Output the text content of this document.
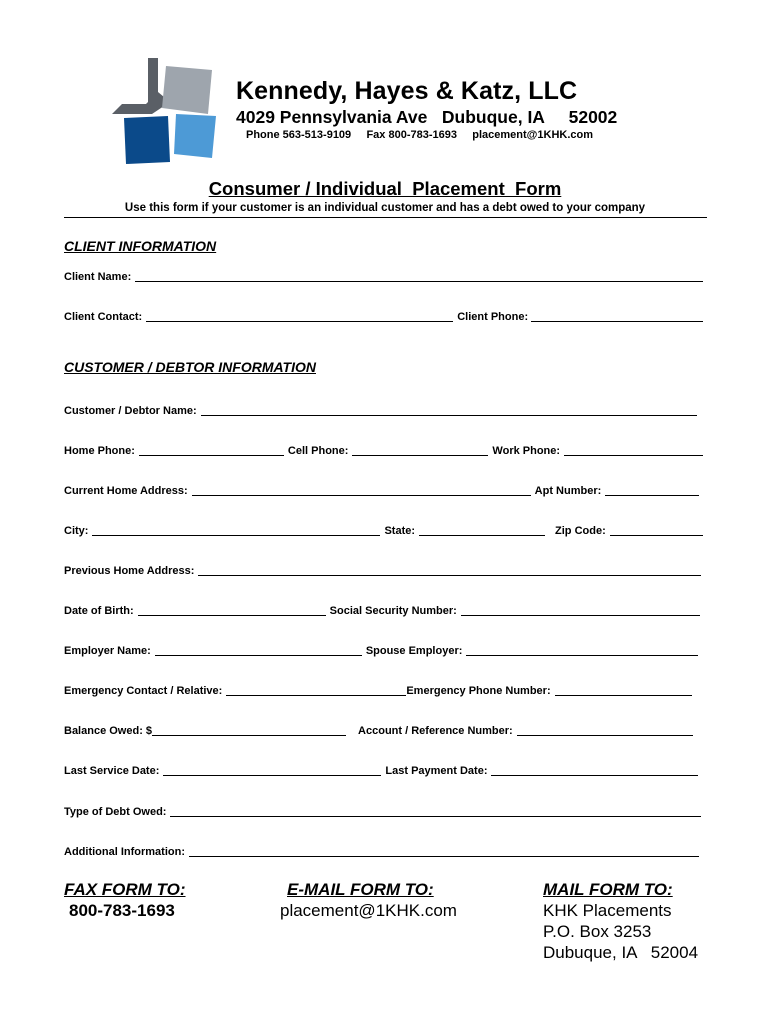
Kennedy, Hayes & Katz, LLC
4029 Pennsylvania Ave   Dubuque, IA     52002
Phone 563-513-9109     Fax 800-783-1693     placement@1KHK.com
Consumer / Individual  Placement  Form
Use this form if your customer is an individual customer and has a debt owed to your company
CLIENT INFORMATION
Client Name:
Client Contact:	Client Phone:
CUSTOMER / DEBTOR INFORMATION
Customer / Debtor Name:
Home Phone:	Cell Phone:	Work Phone:
Current Home Address:	Apt Number:
City:	State:	Zip Code:
Previous Home Address:
Date of Birth:	Social Security Number:
Employer Name:	Spouse Employer:
Emergency Contact / Relative:	Emergency Phone Number:
Balance Owed: $	Account / Reference Number:
Last Service Date:	Last Payment Date:
Type of Debt Owed:
Additional Information:
FAX FORM TO:
800-783-1693
E-MAIL FORM TO:
placement@1KHK.com
MAIL FORM TO:
KHK Placements
P.O. Box 3253
Dubuque, IA   52004
